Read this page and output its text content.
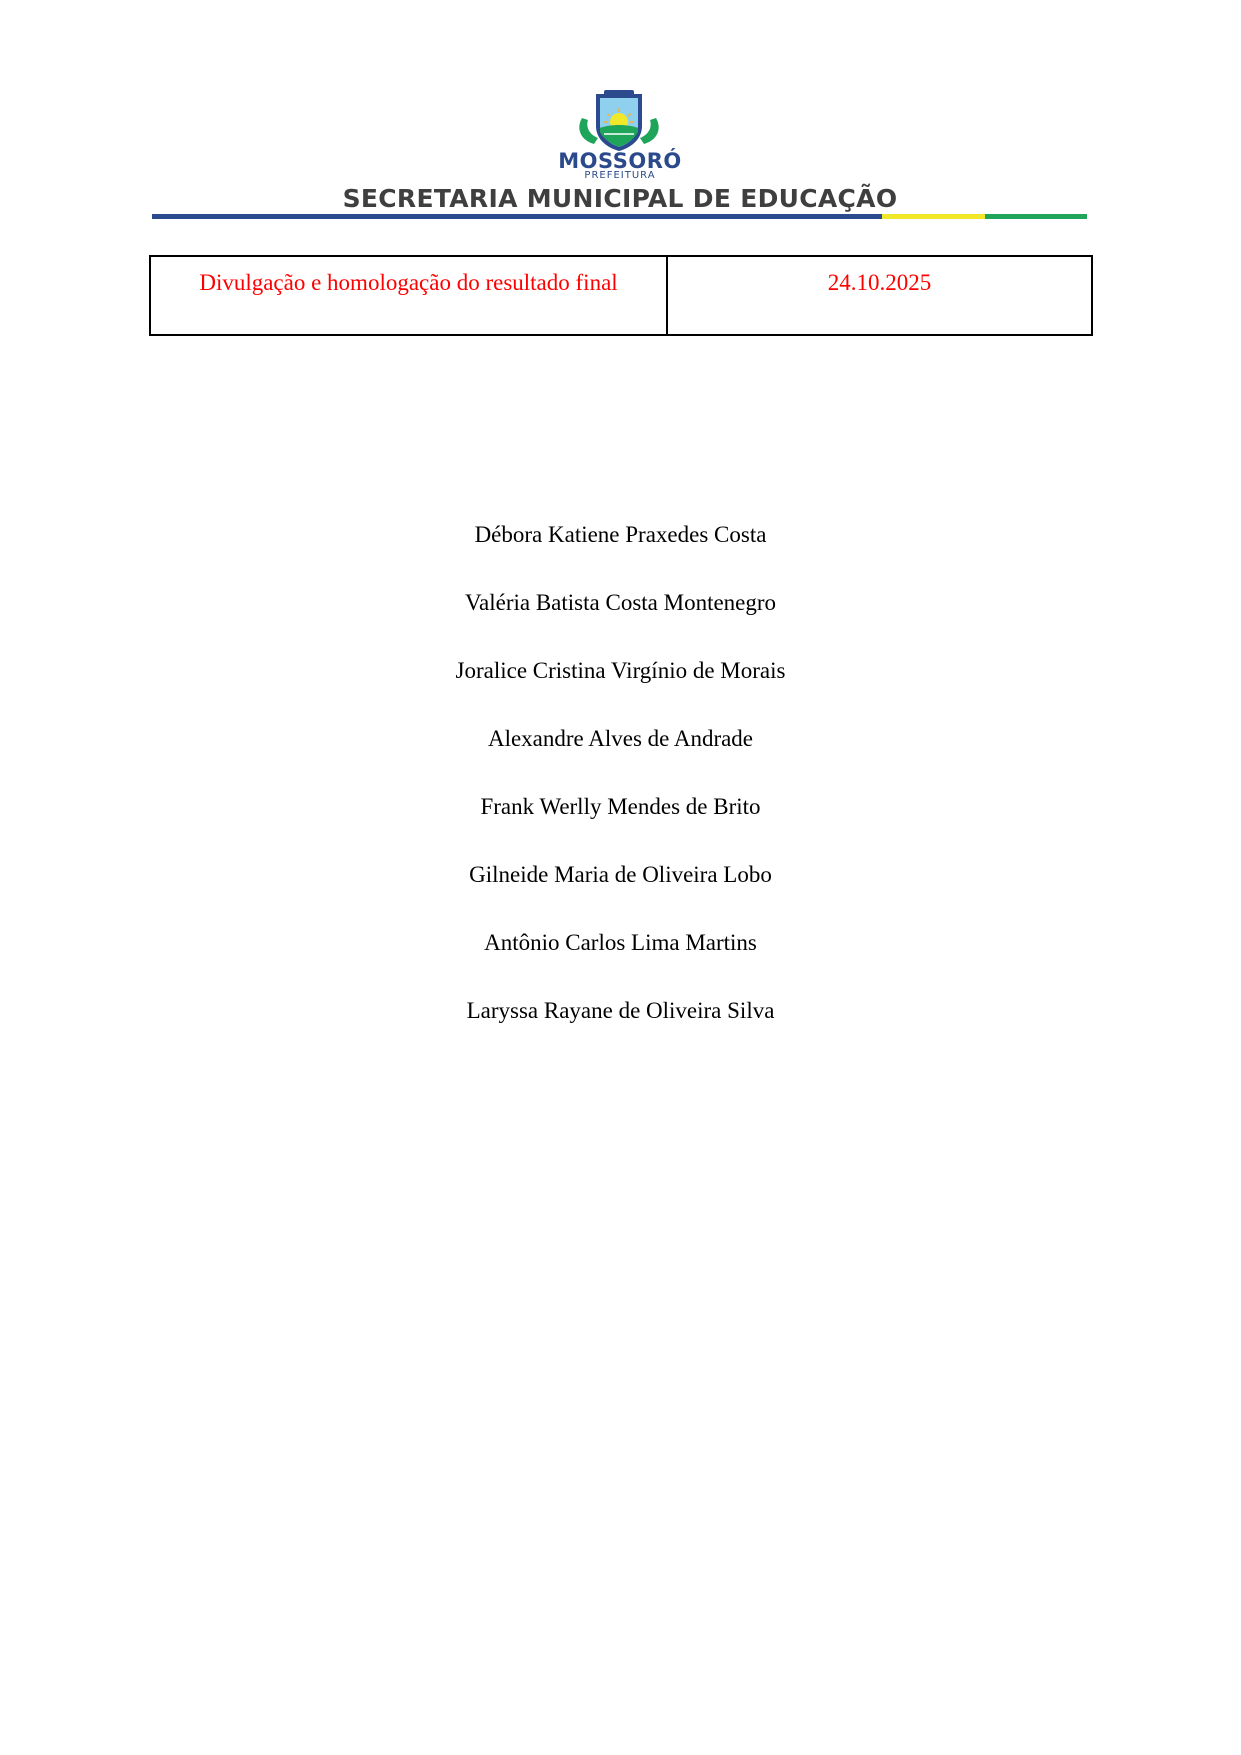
MOSSORÓ
PREFEITURA
SECRETARIA MUNICIPAL DE EDUCAÇÃO
Divulgação e homologação do resultado final	24.10.2025
Débora Katiene Praxedes Costa
Valéria Batista Costa Montenegro
Joralice Cristina Virgínio de Morais
Alexandre Alves de Andrade
Frank Werlly Mendes de Brito
Gilneide Maria de Oliveira Lobo
Antônio Carlos Lima Martins
Laryssa Rayane de Oliveira Silva
